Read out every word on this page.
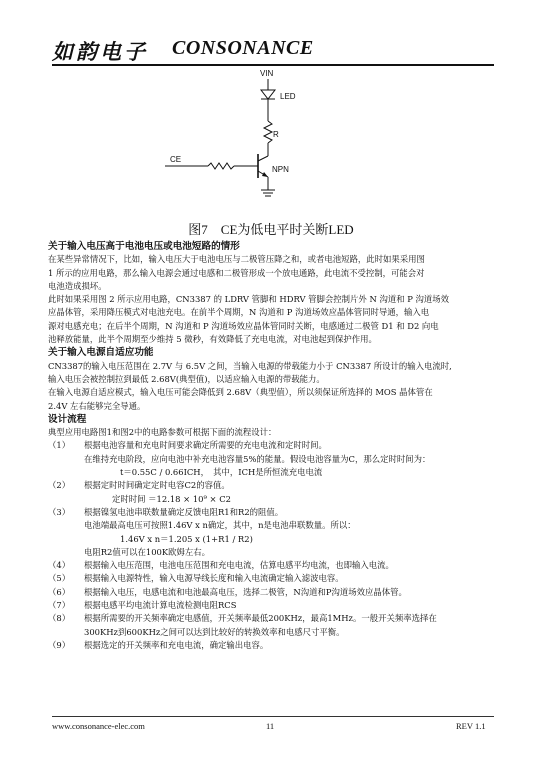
如韵电子 CONSONANCE
VIN
LED
R
NPN
CE
图7　CE为低电平时关断LED

关于输入电压高于电池电压或电池短路的情形

在某些异常情况下，比如，输入电压大于电池电压与二极管压降之和，或者电池短路，此时如果采用图

1 所示的应用电路，那么输入电源会通过电感和二极管形成一个放电通路，此电流不受控制，可能会对

电池造成损坏。

此时如果采用图 2 所示应用电路，CN3387 的 LDRV 管脚和 HDRV 管脚会控制片外 N 沟道和 P 沟道场效

应晶体管，采用降压模式对电池充电。在前半个周期，N 沟道和 P 沟道场效应晶体管同时导通，输入电

源对电感充电；在后半个周期，N 沟道和 P 沟道场效应晶体管同时关断，电感通过二极管 D1 和 D2 向电

池释放能量，此半个周期至少维持 5 微秒，有效降低了充电电流，对电池起到保护作用。

关于输入电源自适应功能

CN3387的输入电压范围在 2.7V 与 6.5V 之间，当输入电源的带载能力小于 CN3387 所设计的输入电流时,

输入电压会被控制拉到最低 2.68V(典型值)，以适应输入电源的带载能力。

在输入电源自适应模式，输入电压可能会降低到 2.68V（典型值），所以须保证所选择的 MOS 晶体管在

2.4V 左右能够完全导通。

设计流程

典型应用电路图1和图2中的电路参数可根据下面的流程设计：

（1）	根据电池容量和充电时间要求确定所需要的充电电流和定时时间。

在维持充电阶段，应向电池中补充电池容量5%的能量。假设电池容量为C，那么定时时间为：

t＝0.55C / 0.66ICH，　其中，ICH是所恒流充电电流

（2）	根据定时时间确定定时电容C2的容值。

定时时间 ＝12.18 × 10⁹ × C2

（3）	根据镍氢电池串联数量确定反馈电阻R1和R2的阻值。

电池端最高电压可按照1.46V x n确定，其中，n是电池串联数量。所以：

1.46V x n＝1.205 x (1+R1 / R2)

电阻R2值可以在100K欧姆左右。

（4）	根据输入电压范围，电池电压范围和充电电流，估算电感平均电流，也即输入电流。
（5）	根据输入电源特性，输入电源导线长度和输入电流确定输入滤波电容。
（6）	根据输入电压，电感电流和电池最高电压，选择二极管，N沟道和P沟道场效应晶体管。
（7）	根据电感平均电流计算电流检测电阻RCS
（8）	根据所需要的开关频率确定电感值，开关频率最低200KHz，最高1MHz。一般开关频率选择在

300KHz到600KHz之间可以达到比较好的转换效率和电感尺寸平衡。

（9）	根据选定的开关频率和充电电流，确定输出电容。
www.consonance-elec.com	11	REV 1.1
